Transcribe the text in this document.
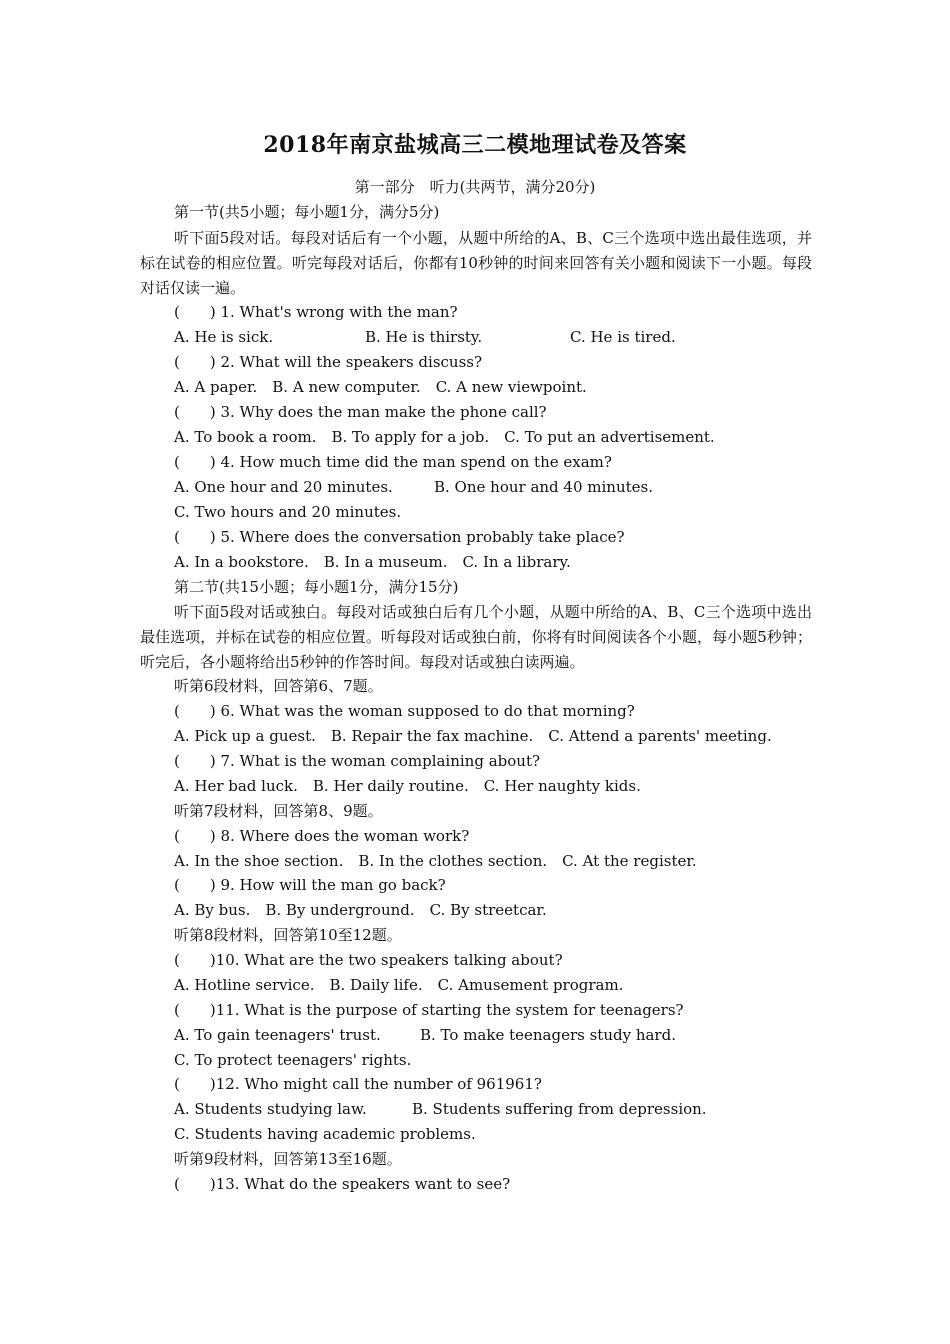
2018年南京盐城高三二模地理试卷及答案
第一部分　听力(共两节，满分20分)
第一节(共5小题；每小题1分，满分5分)
听下面5段对话。每段对话后有一个小题，从题中所给的A、B、C三个选项中选出最佳选项，并标在试卷的相应位置。听完每段对话后，你都有10秒钟的时间来回答有关小题和阅读下一小题。每段对话仅读一遍。
(　　) 1. What's wrong with the man?
A. He is sick.	B. He is thirsty.	C. He is tired.
(　　) 2. What will the speakers discuss?
A. A paper.　B. A new computer.　C. A new viewpoint.
(　　) 3. Why does the man make the phone call?
A. To book a room.　B. To apply for a job.　C. To put an advertisement.
(　　) 4. How much time did the man spend on the exam?
A. One hour and 20 minutes.	B. One hour and 40 minutes.
C. Two hours and 20 minutes.
(　　) 5. Where does the conversation probably take place?
A. In a bookstore.　B. In a museum.　C. In a library.
第二节(共15小题；每小题1分，满分15分)
听下面5段对话或独白。每段对话或独白后有几个小题，从题中所给的A、B、C三个选项中选出最佳选项，并标在试卷的相应位置。听每段对话或独白前，你将有时间阅读各个小题，每小题5秒钟；听完后，各小题将给出5秒钟的作答时间。每段对话或独白读两遍。
听第6段材料，回答第6、7题。
(　　) 6. What was the woman supposed to do that morning?
A. Pick up a guest.　B. Repair the fax machine.　C. Attend a parents' meeting.
(　　) 7. What is the woman complaining about?
A. Her bad luck.　B. Her daily routine.　C. Her naughty kids.
听第7段材料，回答第8、9题。
(　　) 8. Where does the woman work?
A. In the shoe section.　B. In the clothes section.　C. At the register.
(　　) 9. How will the man go back?
A. By bus.　B. By underground.　C. By streetcar.
听第8段材料，回答第10至12题。
(　　)10. What are the two speakers talking about?
A. Hotline service.　B. Daily life.　C. Amusement program.
(　　)11. What is the purpose of starting the system for teenagers?
A. To gain teenagers' trust.	B. To make teenagers study hard.
C. To protect teenagers' rights.
(　　)12. Who might call the number of 961961?
A. Students studying law.	B. Students suffering from depression.
C. Students having academic problems.
听第9段材料，回答第13至16题。
(　　)13. What do the speakers want to see?
